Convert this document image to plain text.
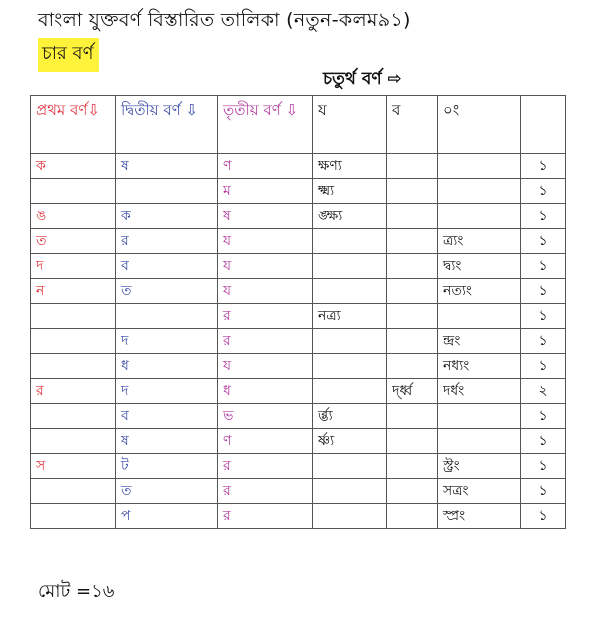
বাংলা যুক্তবর্ণ বিস্তারিত তালিকা (নতুন-কলম৯১)
চার বর্ণ
চতুর্থ বর্ণ ⇨
প্রথম বর্ণ⇩	দ্বিতীয় বর্ণ ⇩	তৃতীয় বর্ণ ⇩	য	ব	০ং	
ক	ষ	ণ	ক্ষণ্য			১
		ম	ক্ষ্ম্য			১
ঙ	ক	ষ	ঙ্ক্ষ্য			১
ত	র	য			ত্র্যং	১
দ	ব	য			দ্ব্যং	১
ন	ত	য			নত্যং	১
		র	নত্র্য			১
	দ	র			ন্দ্রং	১
	ধ	য			নধ্যং	১
র	দ	ধ		র্দ্ধ্ব	দর্ধং	২
	ব	ভ	র্ব্ভ্য			১
	ষ	ণ	র্ষ্ণ্য			১
স	ট	র			স্ট্রং	১
	ত	র			সত্রং	১
	প	র			স্প্রং	১
মোট =১৬
